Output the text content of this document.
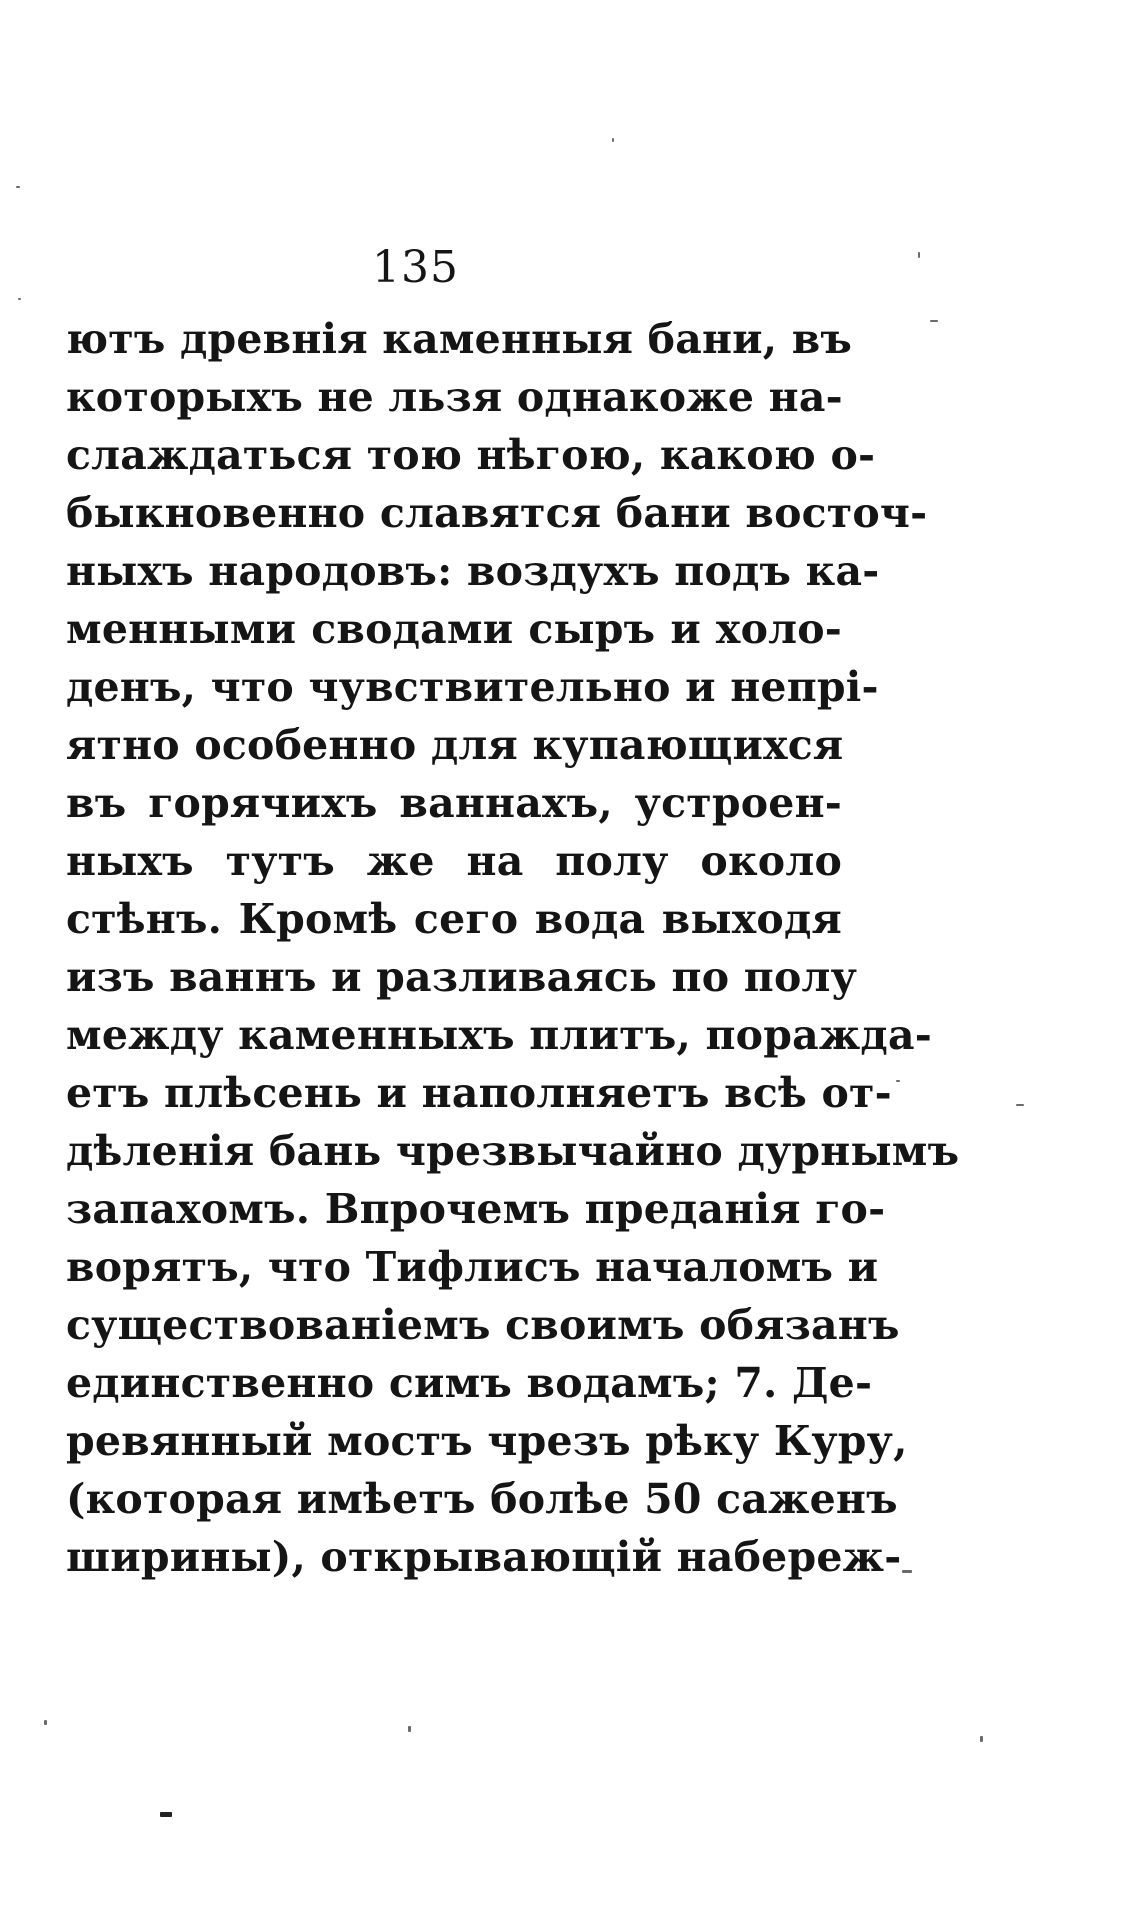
135
ютъ древнія каменныя бани, въ
которыхъ не льзя однакоже на-
слаждаться тою нѣгою, какою о-
быкновенно славятся бани восточ-
ныхъ народовъ: воздухъ подъ ка-
менными сводами сыръ и холо-
денъ, что чувствительно и непрі-
ятно особенно для купающихся
въ горячихъ ваннахъ, устроен-
ныхъ тутъ же на полу около
стѣнъ. Кромѣ сего вода выходя
изъ ваннъ и разливаясь по полу
между каменныхъ плитъ, пораждa-
етъ плѣсень и наполняетъ всѣ от-
дѣленія бань чрезвычайно дурнымъ
запахомъ. Впрочемъ преданія го-
ворятъ, что Тифлисъ началомъ и
существованіемъ своимъ обязанъ
единственно симъ водамъ; 7. Де-
ревянный мостъ чрезъ рѣку Куру,
(которая имѣетъ болѣе 50 саженъ
ширины), открывающій набереж-
